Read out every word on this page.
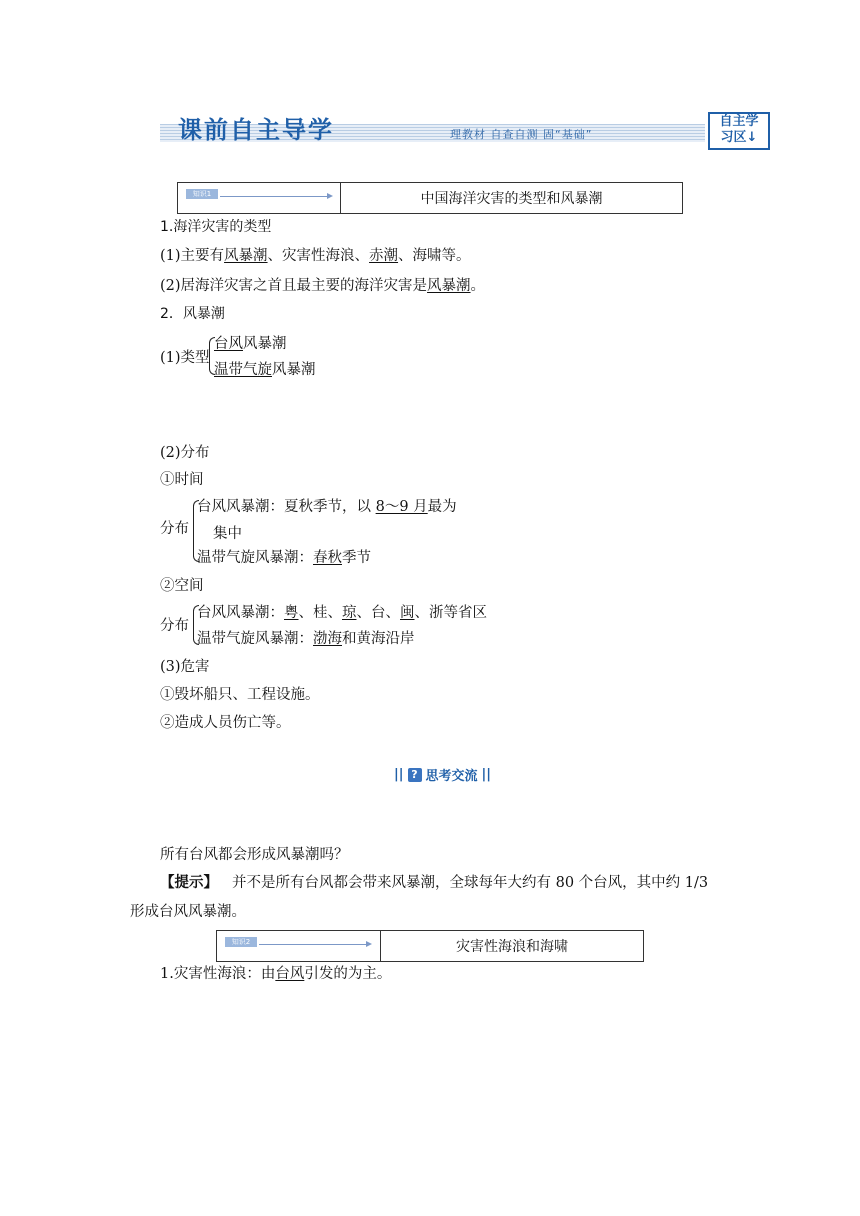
课前自主导学	理教材 自查自测 固“基础”
自主学
习区↓
知识1	中国海洋灾害的类型和风暴潮
1.海洋灾害的类型
(1)主要有风暴潮、灾害性海浪、赤潮、海啸等。
(2)居海洋灾害之首且最主要的海洋灾害是风暴潮。
2．风暴潮
(1)类型
台风风暴潮
温带气旋风暴潮
(2)分布
①时间
分布
台风风暴潮：夏秋季节，以 8～9 月最为
集中
温带气旋风暴潮：春秋季节
②空间
分布
台风风暴潮：粤、桂、琼、台、闽、浙等省区
温带气旋风暴潮：渤海和黄海沿岸
(3)危害
①毁坏船只、工程设施。
②造成人员伤亡等。
|| ? 思考交流 ||
所有台风都会形成风暴潮吗？
【提示】 并不是所有台风都会带来风暴潮，全球每年大约有 80 个台风，其中约 1/3
形成台风风暴潮。
知识2	灾害性海浪和海啸
1.灾害性海浪：由台风引发的为主。
